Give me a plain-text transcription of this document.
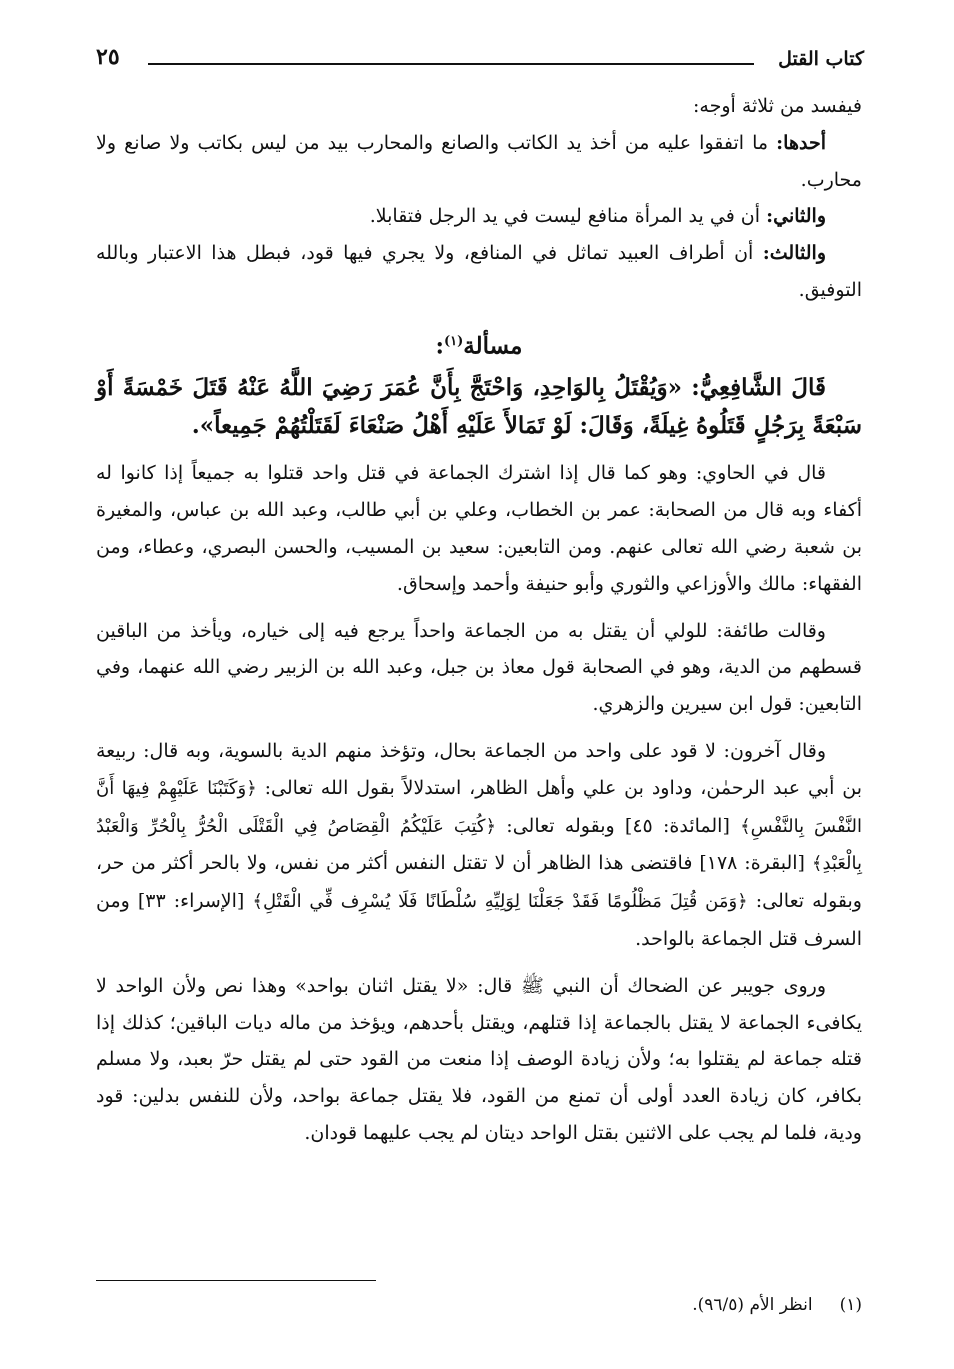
كتاب القتل
٢٥

فيفسد من ثلاثة أوجه:

أحدها: ما اتفقوا عليه من أخذ يد الكاتب والصانع والمحارب بيد من ليس بكاتب ولا صانع ولا محارب.

والثاني: أن في يد المرأة منافع ليست في يد الرجل فتقابلا.

والثالث: أن أطراف العبيد تماثل في المنافع، ولا يجري فيها قود، فبطل هذا الاعتبار وبالله التوفيق.

مسألة$^{(١)}$:

قَالَ الشَّافِعِيُّ: «وَيُقْتَلُ بِالوَاحِدِ، وَاحْتَجَّ بِأَنَّ عُمَرَ رَضِيَ اللَّهُ عَنْهُ قَتَلَ خَمْسَةً أَوْ سَبْعَةً بِرَجُلٍ قَتَلُوهُ غِيلَةً، وَقَالَ: لَوْ تَمَالأَ عَلَيْهِ أَهْلُ صَنْعَاءَ لَقَتَلْتُهُمْ جَمِيعاً».

قال في الحاوي: وهو كما قال إذا اشترك الجماعة في قتل واحد قتلوا به جميعاً إذا كانوا له أكفاء وبه قال من الصحابة: عمر بن الخطاب، وعلي بن أبي طالب، وعبد الله بن عباس، والمغيرة بن شعبة رضي الله تعالى عنهم. ومن التابعين: سعيد بن المسيب، والحسن البصري، وعطاء، ومن الفقهاء: مالك والأوزاعي والثوري وأبو حنيفة وأحمد وإسحاق.

وقالت طائفة: للولي أن يقتل به من الجماعة واحداً يرجع فيه إلى خياره، ويأخذ من الباقين قسطهم من الدية، وهو في الصحابة قول معاذ بن جبل، وعبد الله بن الزبير رضي الله عنهما، وفي التابعين: قول ابن سيرين والزهري.

وقال آخرون: لا قود على واحد من الجماعة بحال، وتؤخذ منهم الدية بالسوية، وبه قال: ربيعة بن أبي عبد الرحمٰن، وداود بن علي وأهل الظاهر، استدلالاً بقول الله تعالى: ﴿وَكَتَبْنَا عَلَيْهِمْ فِيهَا أَنَّ النَّفْسَ بِالنَّفْسِ﴾ [المائدة: ٤٥] وبقوله تعالى: ﴿كُتِبَ عَلَيْكُمُ الْقِصَاصُ فِي الْقَتْلَى الْحُرُّ بِالْحُرِّ وَالْعَبْدُ بِالْعَبْدِ﴾ [البقرة: ١٧٨] فاقتضى هذا الظاهر أن لا تقتل النفس أكثر من نفس، ولا بالحر أكثر من حر، وبقوله تعالى: ﴿وَمَن قُتِلَ مَظْلُومًا فَقَدْ جَعَلْنَا لِوَلِيِّهِ سُلْطَانًا فَلَا يُسْرِف فِّي الْقَتْلِ﴾ [الإسراء: ٣٣] ومن السرف قتل الجماعة بالواحد.

وروى جويبر عن الضحاك أن النبي ﷺ قال: «لا يقتل اثنان بواحد» وهذا نص ولأن الواحد لا يكافىء الجماعة لا يقتل بالجماعة إذا قتلهم، ويقتل بأحدهم، ويؤخذ من ماله ديات الباقين؛ كذلك إذا قتله جماعة لم يقتلوا به؛ ولأن زيادة الوصف إذا منعت من القود حتى لم يقتل حرّ بعبد، ولا مسلم بكافر، كان زيادة العدد أولى أن تمنع من القود، فلا يقتل جماعة بواحد، ولأن للنفس بدلين: قود ودية، فلما لم يجب على الاثنين بقتل الواحد ديتان لم يجب عليهما قودان.

(١) انظر الأم (٩٦/٥).
